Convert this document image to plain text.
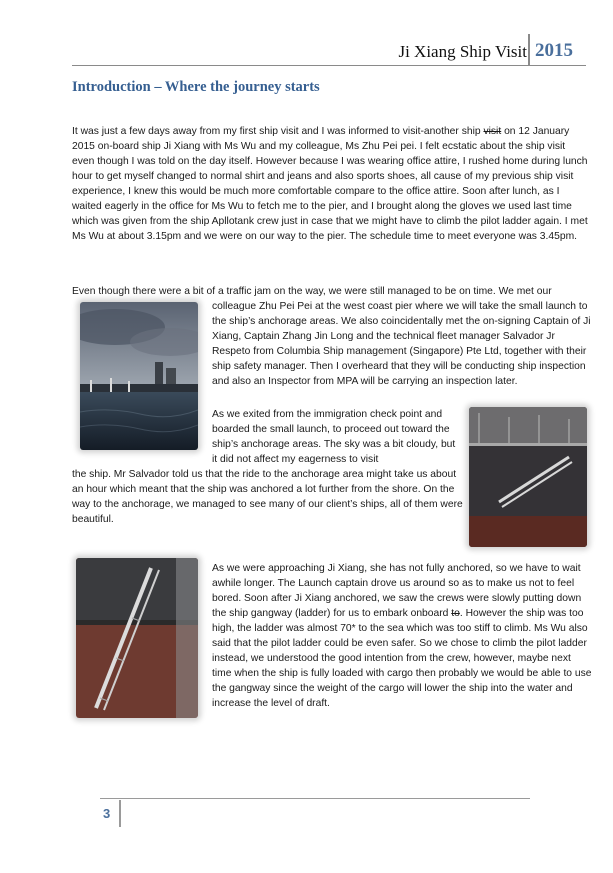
Ji Xiang Ship Visit 2015
Introduction – Where the journey starts

It was just a few days away from my first ship visit and I was informed to visit-another ship visit on 12 January 2015 on-board ship Ji Xiang with Ms Wu and my colleague, Ms Zhu Pei pei. I felt ecstatic about the ship visit even though I was told on the day itself. However because I was wearing office attire, I rushed home during lunch hour to get myself changed to normal shirt and jeans and also sports shoes, all cause of my previous ship visit experience, I knew this would be much more comfortable compare to the office attire. Soon after lunch, as I waited eagerly in the office for Ms Wu to fetch me to the pier, and I brought along the gloves we used last time which was given from the ship Apllotank crew just in case that we might have to climb the pilot ladder again. I met Ms Wu at about 3.15pm and we were on our way to the pier. The schedule time to meet everyone was 3.45pm.

Even though there were a bit of a traffic jam on the way, we were still managed to be on time. We met our

colleague Zhu Pei Pei at the west coast pier where we will take the small launch to the ship’s anchorage areas. We also coincidentally met the on-signing Captain of Ji Xiang, Captain Zhang Jin Long and the technical fleet manager Salvador Jr Respeto from Columbia Ship management (Singapore) Pte Ltd, together with their ship safety manager. Then I overheard that they will be conducting ship inspection and also an Inspector from MPA will be carrying an inspection later.

As we exited from the immigration check point and boarded the small launch, to proceed out toward the ship’s anchorage areas. The sky was a bit cloudy, but it did not affect my eagerness to visit

the ship. Mr Salvador told us that the ride to the anchorage area might take us about an hour which meant that the ship was anchored a lot further from the shore. On the way to the anchorage, we managed to see many of our client’s ships, all of them were beautiful.

As we were approaching Ji Xiang, she has not fully anchored, so we have to wait awhile longer. The Launch captain drove us around so as to make us not to feel bored. Soon after Ji Xiang anchored, we saw the crews were slowly putting down the ship gangway (ladder) for us to embark onboard to. However the ship was too high, the ladder was almost 70* to the sea which was too stiff to climb. Ms Wu also said that the pilot ladder could be even safer. So we chose to climb the pilot ladder instead, we understood the good intention from the crew, however, maybe next time when the ship is fully loaded with cargo then probably we would be able to use the gangway since the weight of the cargo will lower the ship into the water and increase the level of draft.

3
